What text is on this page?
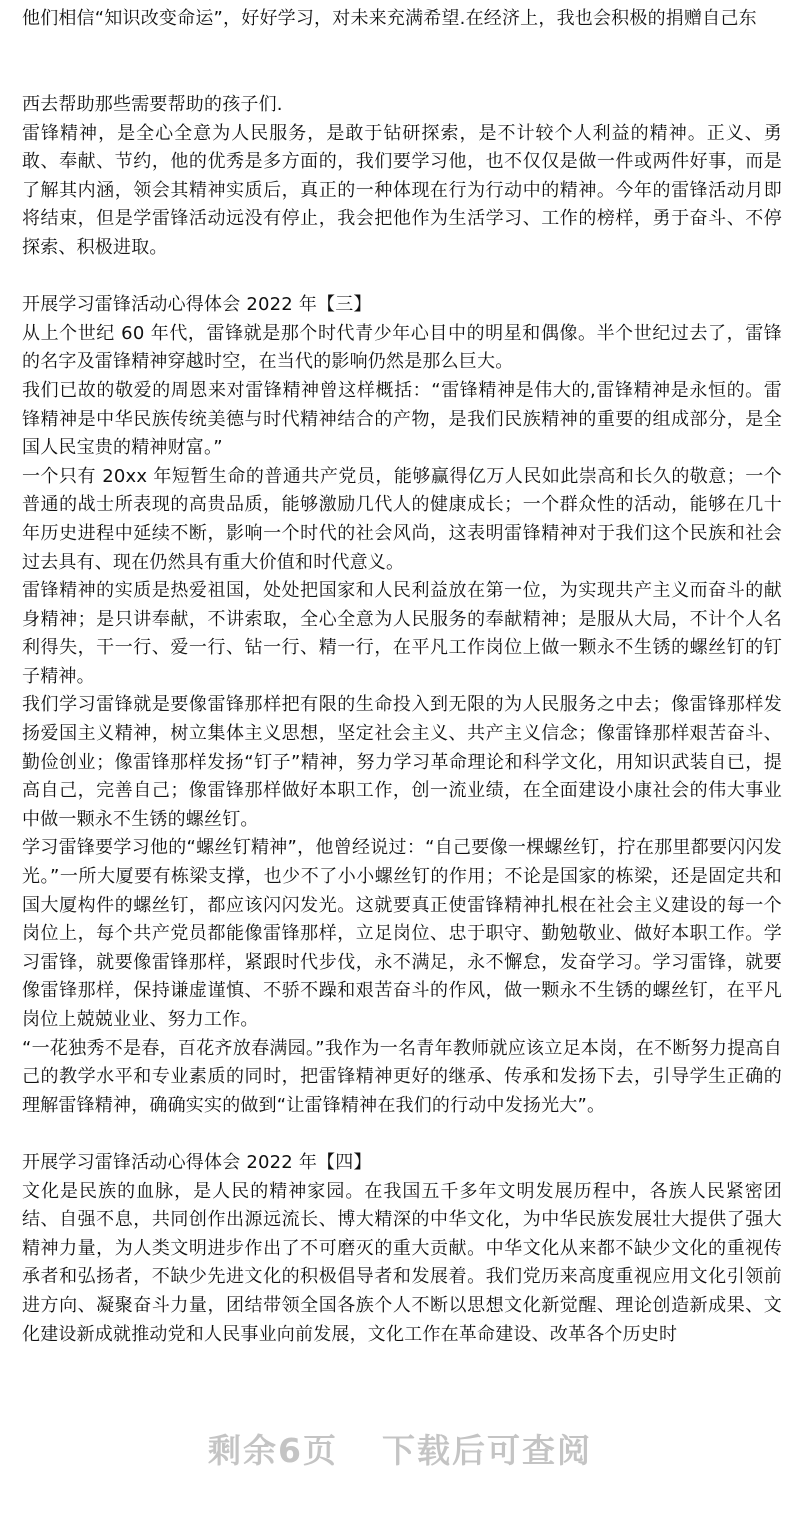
他们相信“知识改变命运”，好好学习，对未来充满希望.在经济上，我也会积极的捐赠自己东

西去帮助那些需要帮助的孩子们.

雷锋精神，是全心全意为人民服务，是敢于钻研探索，是不计较个人利益的精神。正义、勇敢、奉献、节约，他的优秀是多方面的，我们要学习他，也不仅仅是做一件或两件好事，而是了解其内涵，领会其精神实质后，真正的一种体现在行为行动中的精神。今年的雷锋活动月即将结束，但是学雷锋活动远没有停止，我会把他作为生活学习、工作的榜样，勇于奋斗、不停探索、积极进取。

开展学习雷锋活动心得体会 2022 年【三】

从上个世纪 60 年代，雷锋就是那个时代青少年心目中的明星和偶像。半个世纪过去了，雷锋的名字及雷锋精神穿越时空，在当代的影响仍然是那么巨大。

我们已故的敬爱的周恩来对雷锋精神曾这样概括：“雷锋精神是伟大的,雷锋精神是永恒的。雷锋精神是中华民族传统美德与时代精神结合的产物，是我们民族精神的重要的组成部分，是全国人民宝贵的精神财富。”

一个只有 20xx 年短暂生命的普通共产党员，能够赢得亿万人民如此崇高和长久的敬意；一个普通的战士所表现的高贵品质，能够激励几代人的健康成长；一个群众性的活动，能够在几十年历史进程中延续不断，影响一个时代的社会风尚，这表明雷锋精神对于我们这个民族和社会过去具有、现在仍然具有重大价值和时代意义。

雷锋精神的实质是热爱祖国，处处把国家和人民利益放在第一位，为实现共产主义而奋斗的献身精神；是只讲奉献，不讲索取，全心全意为人民服务的奉献精神；是服从大局，不计个人名利得失，干一行、爱一行、钻一行、精一行，在平凡工作岗位上做一颗永不生锈的螺丝钉的钉子精神。

我们学习雷锋就是要像雷锋那样把有限的生命投入到无限的为人民服务之中去；像雷锋那样发扬爱国主义精神，树立集体主义思想，坚定社会主义、共产主义信念；像雷锋那样艰苦奋斗、勤俭创业；像雷锋那样发扬“钉子”精神，努力学习革命理论和科学文化，用知识武装自已，提高自己，完善自己；像雷锋那样做好本职工作，创一流业绩，在全面建设小康社会的伟大事业中做一颗永不生锈的螺丝钉。

学习雷锋要学习他的“螺丝钉精神”，他曾经说过：“自己要像一棵螺丝钉，拧在那里都要闪闪发光。”一所大厦要有栋梁支撑，也少不了小小螺丝钉的作用；不论是国家的栋梁，还是固定共和国大厦构件的螺丝钉，都应该闪闪发光。这就要真正使雷锋精神扎根在社会主义建设的每一个岗位上，每个共产党员都能像雷锋那样，立足岗位、忠于职守、勤勉敬业、做好本职工作。学习雷锋，就要像雷锋那样，紧跟时代步伐，永不满足，永不懈怠，发奋学习。学习雷锋，就要像雷锋那样，保持谦虚谨慎、不骄不躁和艰苦奋斗的作风，做一颗永不生锈的螺丝钉，在平凡岗位上兢兢业业、努力工作。

“一花独秀不是春，百花齐放春满园。”我作为一名青年教师就应该立足本岗，在不断努力提高自己的教学水平和专业素质的同时，把雷锋精神更好的继承、传承和发扬下去，引导学生正确的理解雷锋精神，确确实实的做到“让雷锋精神在我们的行动中发扬光大”。

开展学习雷锋活动心得体会 2022 年【四】

文化是民族的血脉，是人民的精神家园。在我国五千多年文明发展历程中，各族人民紧密团结、自强不息，共同创作出源远流长、博大精深的中华文化，为中华民族发展壮大提供了强大精神力量，为人类文明进步作出了不可磨灭的重大贡献。中华文化从来都不缺少文化的重视传承者和弘扬者，不缺少先进文化的积极倡导者和发展着。我们党历来高度重视应用文化引领前进方向、凝聚奋斗力量，团结带领全国各族个人不断以思想文化新觉醒、理论创造新成果、文化建设新成就推动党和人民事业向前发展，文化工作在革命建设、改革各个历史时

剩余6页 下载后可查阅
